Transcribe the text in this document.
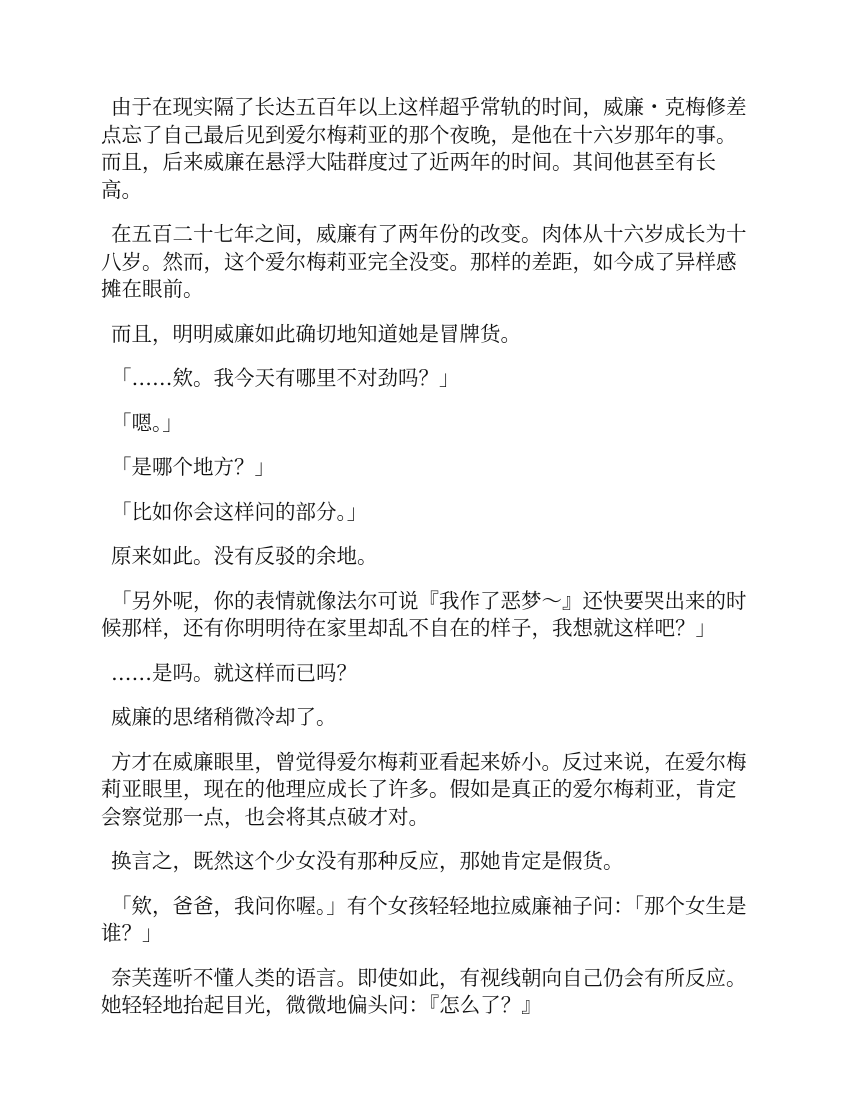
由于在现实隔了长达五百年以上这样超乎常轨的时间，威廉・克梅修差点忘了自己最后见到爱尔梅莉亚的那个夜晚，是他在十六岁那年的事。而且，后来威廉在悬浮大陆群度过了近两年的时间。其间他甚至有长高。

在五百二十七年之间，威廉有了两年份的改变。肉体从十六岁成长为十八岁。然而，这个爱尔梅莉亚完全没变。那样的差距，如今成了异样感摊在眼前。

而且，明明威廉如此确切地知道她是冒牌货。

「……欸。我今天有哪里不对劲吗？」

「嗯。」

「是哪个地方？」

「比如你会这样问的部分。」

原来如此。没有反驳的余地。

「另外呢，你的表情就像法尔可说『我作了恶梦～』还快要哭出来的时候那样，还有你明明待在家里却乱不自在的样子，我想就这样吧？」

……是吗。就这样而已吗？

威廉的思绪稍微冷却了。

方才在威廉眼里，曾觉得爱尔梅莉亚看起来娇小。反过来说，在爱尔梅莉亚眼里，现在的他理应成长了许多。假如是真正的爱尔梅莉亚，肯定会察觉那一点，也会将其点破才对。

换言之，既然这个少女没有那种反应，那她肯定是假货。

「欸，爸爸，我问你喔。」有个女孩轻轻地拉威廉袖子问：「那个女生是谁？」

奈芙莲听不懂人类的语言。即使如此，有视线朝向自己仍会有所反应。她轻轻地抬起目光，微微地偏头问：『怎么了？』
